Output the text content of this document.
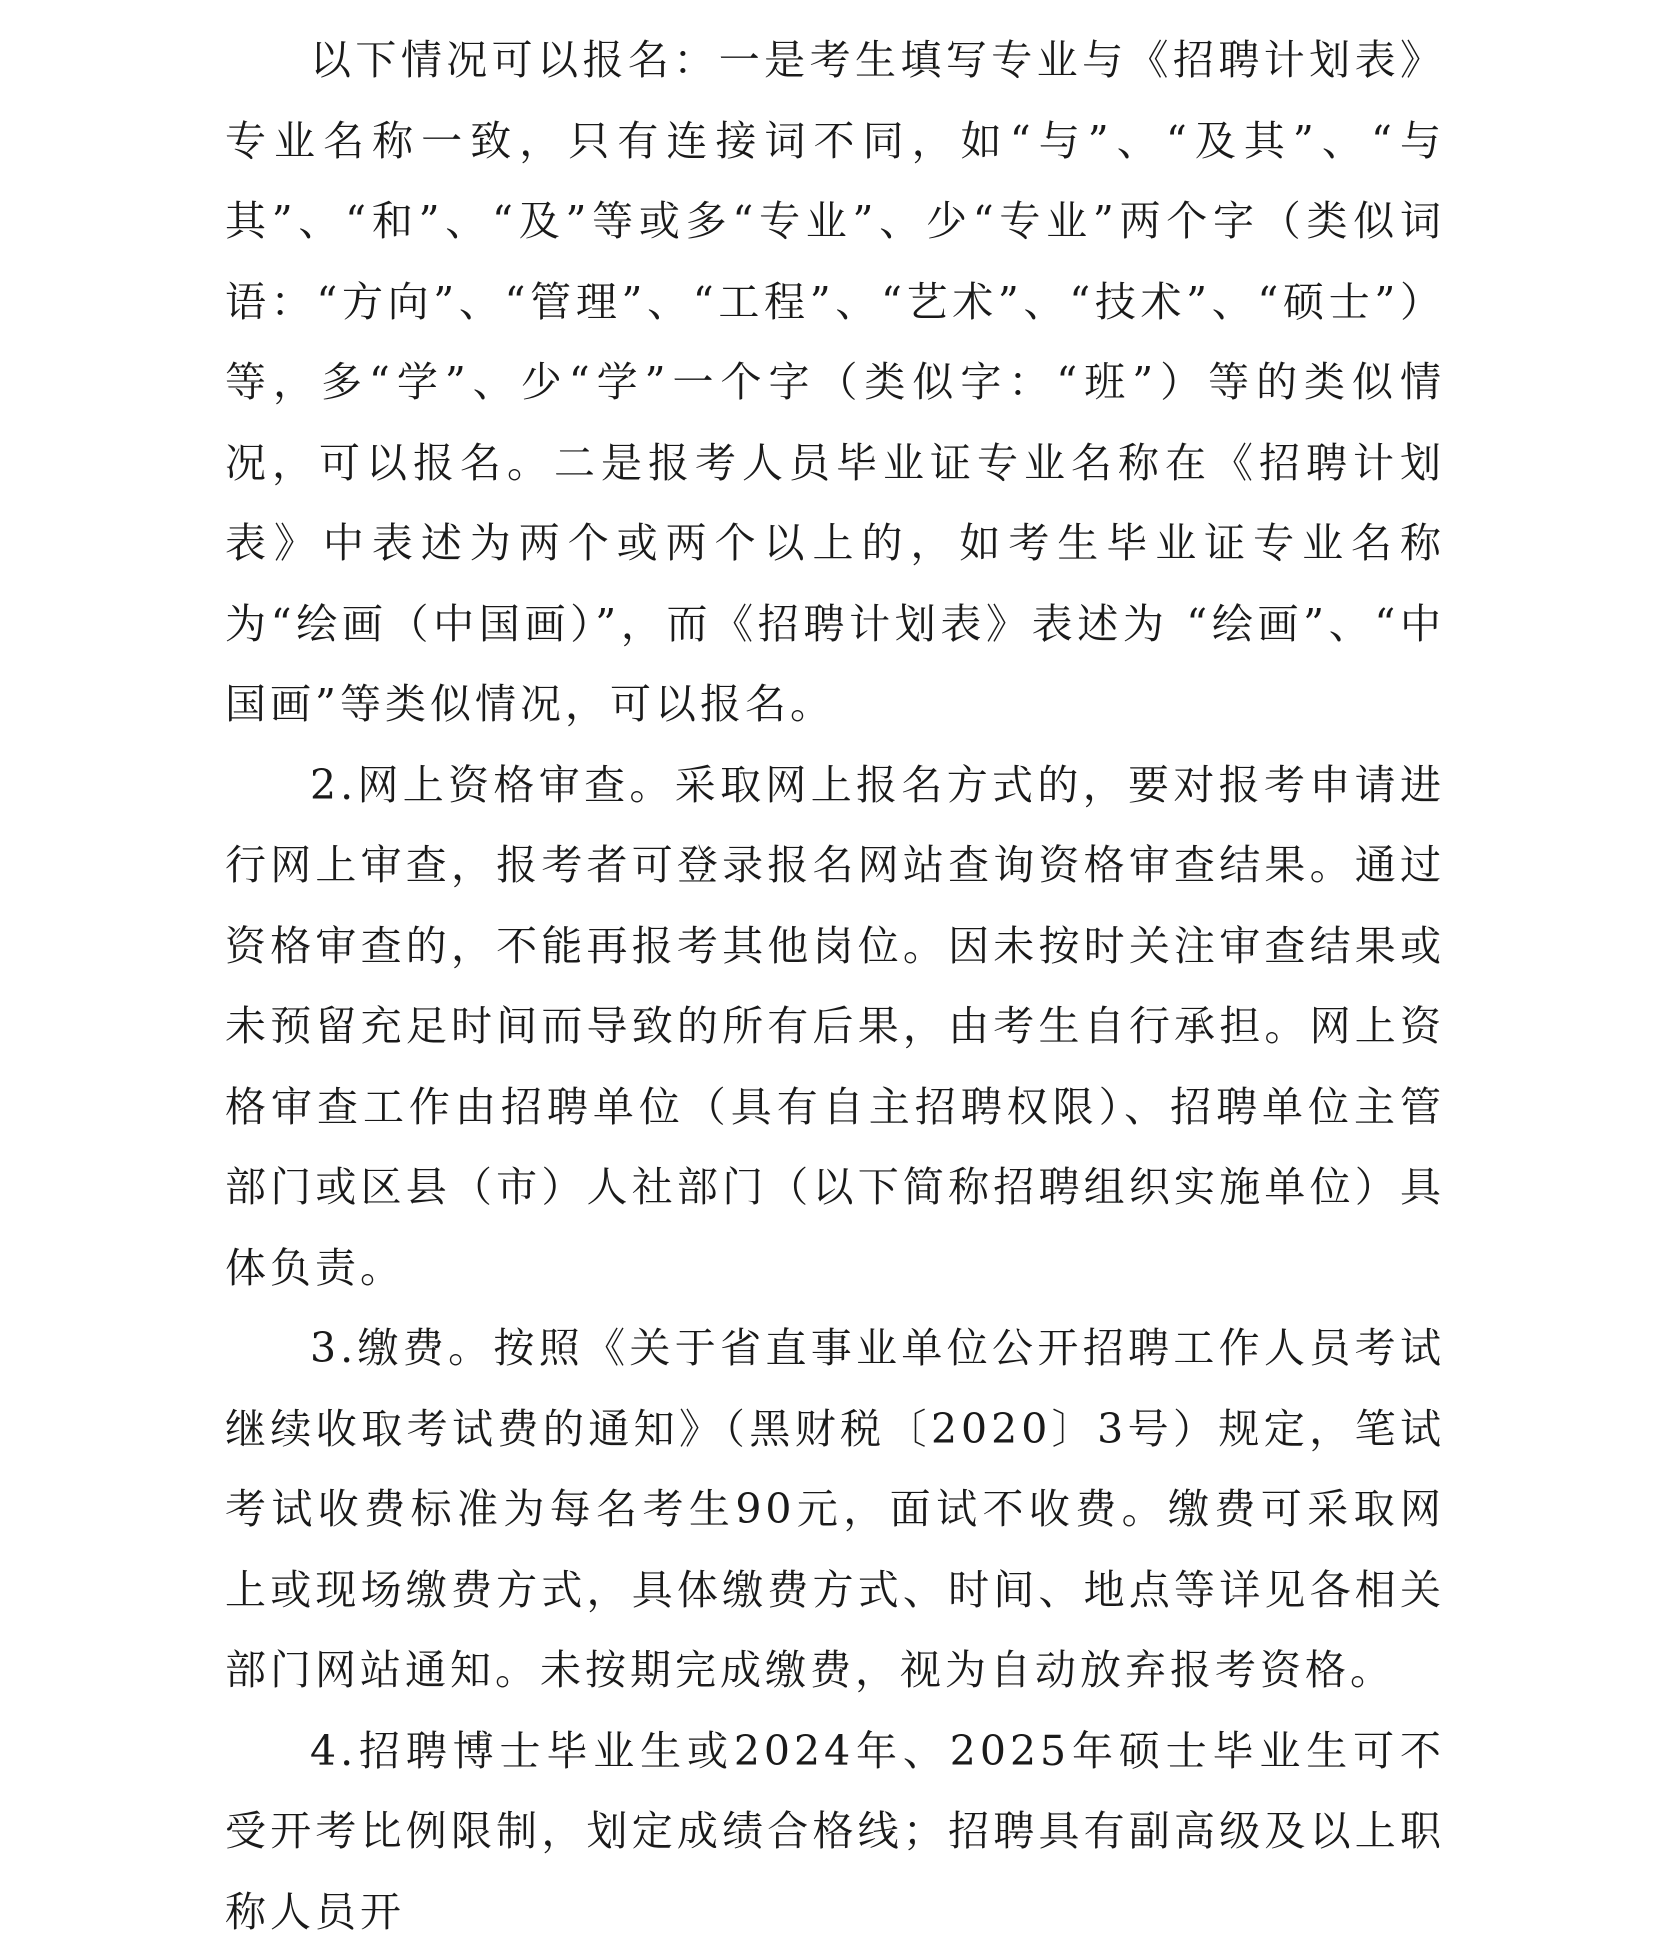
以下情况可以报名：一是考生填写专业与《招聘计划表》专业名称一致，只有连接词不同，如“与”、“及其”、“与其”、“和”、“及”等或多“专业”、少“专业”两个字（类似词语：“方向”、“管理”、“工程”、“艺术”、“技术”、“硕士”）等，多“学”、少“学”一个字（类似字：“班”）等的类似情况，可以报名。二是报考人员毕业证专业名称在《招聘计划表》中表述为两个或两个以上的，如考生毕业证专业名称为“绘画（中国画）”，而《招聘计划表》表述为 “绘画”、“中国画”等类似情况，可以报名。

2.网上资格审查。采取网上报名方式的，要对报考申请进行网上审查，报考者可登录报名网站查询资格审查结果。通过资格审查的，不能再报考其他岗位。因未按时关注审查结果或未预留充足时间而导致的所有后果，由考生自行承担。网上资格审查工作由招聘单位（具有自主招聘权限）、招聘单位主管部门或区县（市）人社部门（以下简称招聘组织实施单位）具体负责。

3.缴费。按照《关于省直事业单位公开招聘工作人员考试继续收取考试费的通知》（黑财税〔2020〕3号）规定，笔试考试收费标准为每名考生90元，面试不收费。缴费可采取网上或现场缴费方式，具体缴费方式、时间、地点等详见各相关部门网站通知。未按期完成缴费，视为自动放弃报考资格。

4.招聘博士毕业生或2024年、2025年硕士毕业生可不受开考比例限制，划定成绩合格线；招聘具有副高级及以上职称人员开
